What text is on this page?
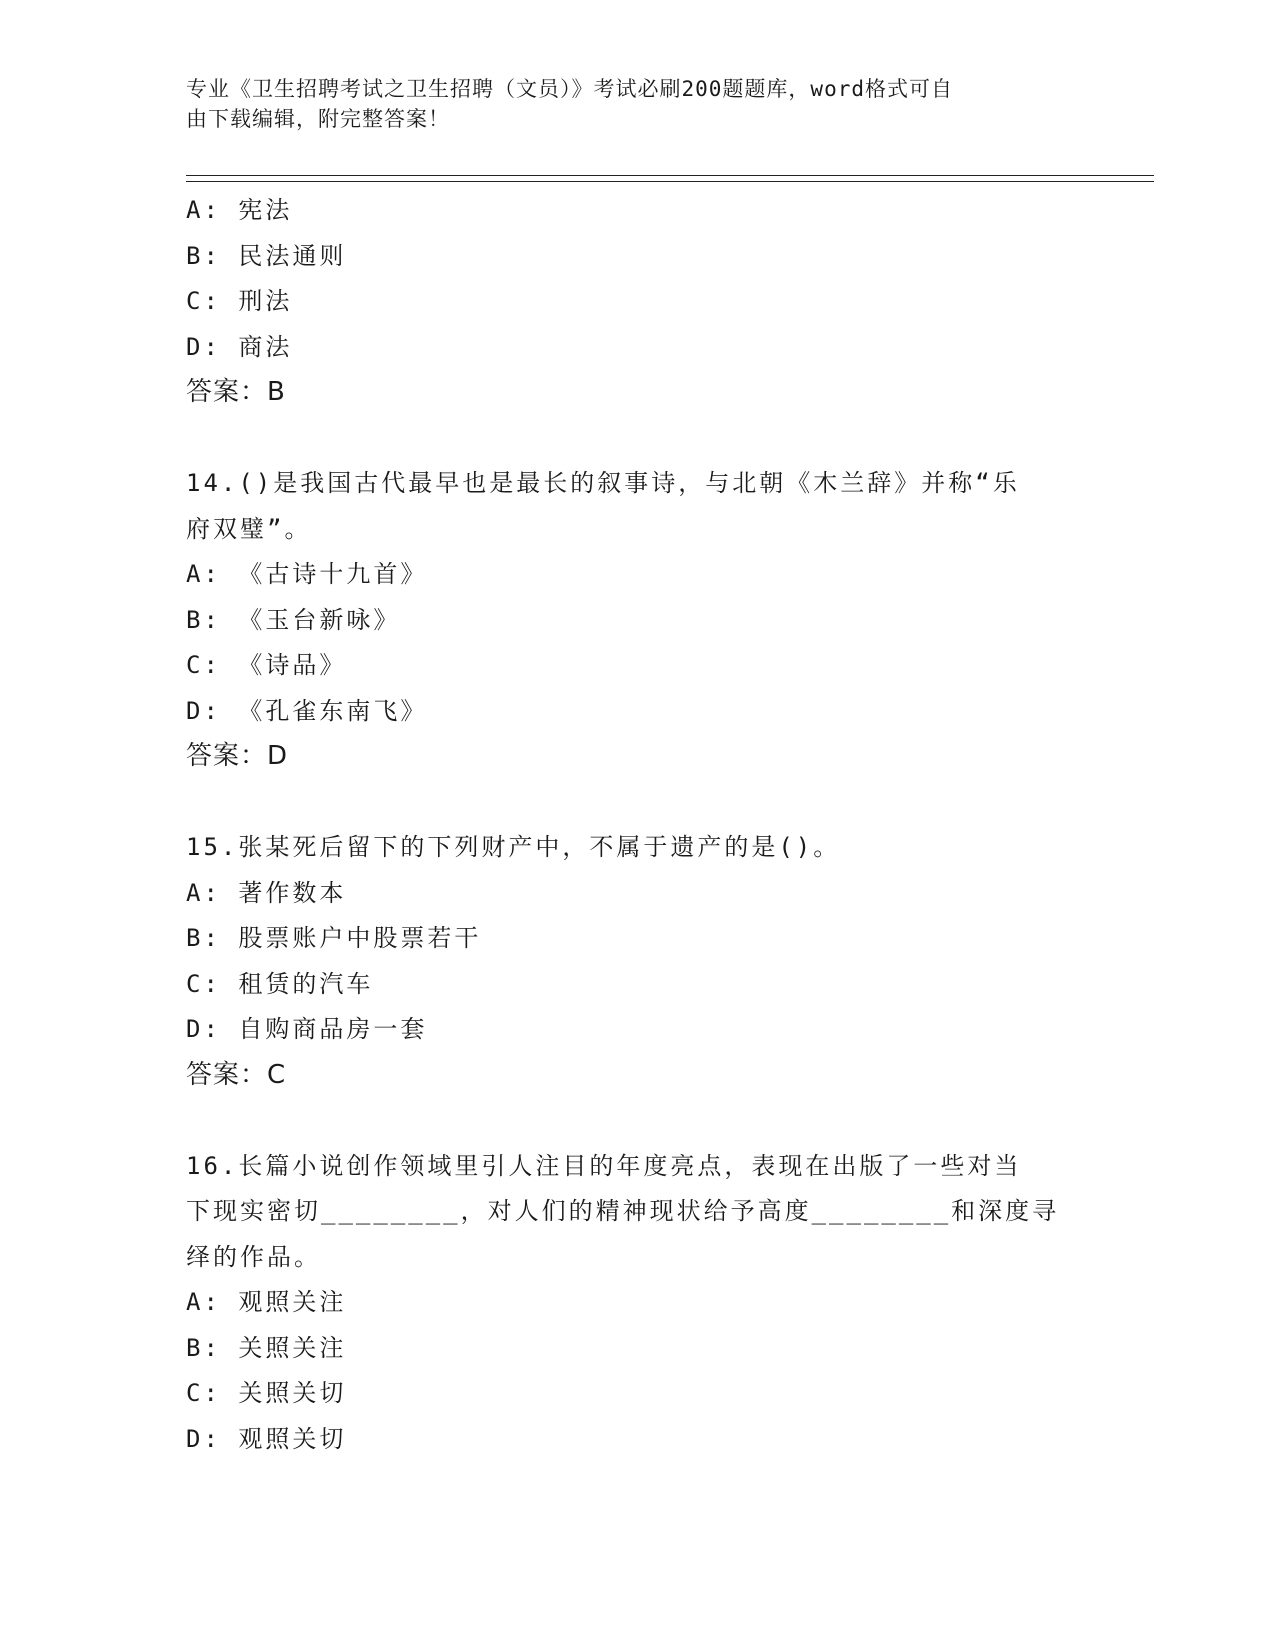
专业《卫生招聘考试之卫生招聘（文员）》考试必刷200题题库，word格式可自
由下载编辑，附完整答案！
A: 宪法
B: 民法通则
C: 刑法
D: 商法
答案：B
14.()是我国古代最早也是最长的叙事诗，与北朝《木兰辞》并称“乐
府双璧”。
A: 《古诗十九首》
B: 《玉台新咏》
C: 《诗品》
D: 《孔雀东南飞》
答案：D
15.张某死后留下的下列财产中，不属于遗产的是()。
A: 著作数本
B: 股票账户中股票若干
C: 租赁的汽车
D: 自购商品房一套
答案：C
16.长篇小说创作领域里引人注目的年度亮点，表现在出版了一些对当
下现实密切________，对人们的精神现状给予高度________和深度寻
绎的作品。
A: 观照关注
B: 关照关注
C: 关照关切
D: 观照关切
